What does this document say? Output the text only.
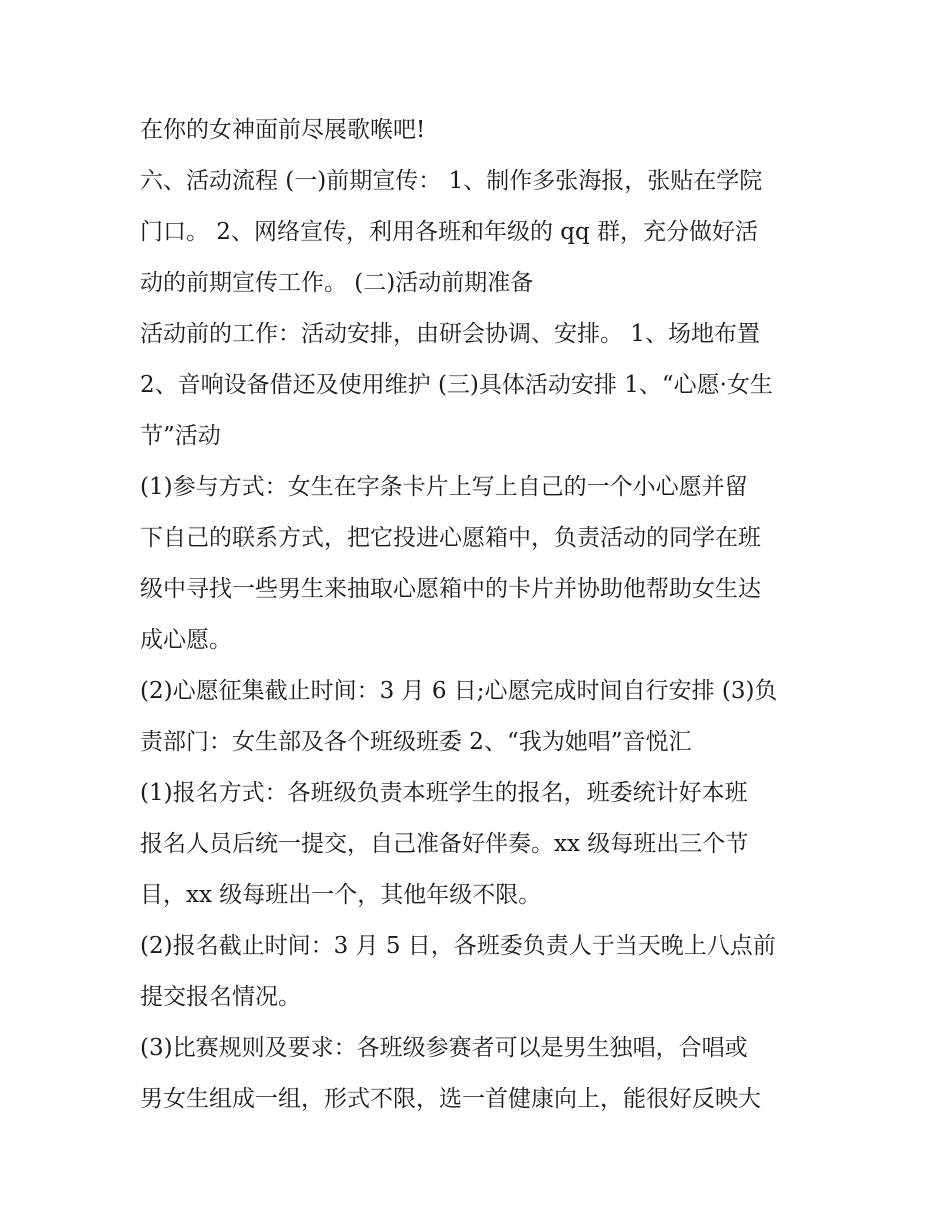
在你的女神面前尽展歌喉吧!
六、活动流程 (一)前期宣传： 1、制作多张海报，张贴在学院
门口。 2、网络宣传，利用各班和年级的 qq 群，充分做好活
动的前期宣传工作。 (二)活动前期准备
活动前的工作：活动安排，由研会协调、安排。 1、场地布置
2、音响设备借还及使用维护 (三)具体活动安排 1、“心愿·女生
节”活动
(1)参与方式：女生在字条卡片上写上自己的一个小心愿并留
下自己的联系方式，把它投进心愿箱中，负责活动的同学在班
级中寻找一些男生来抽取心愿箱中的卡片并协助他帮助女生达
成心愿。
(2)心愿征集截止时间：3 月 6 日;心愿完成时间自行安排 (3)负
责部门：女生部及各个班级班委 2、“我为她唱”音悦汇
(1)报名方式：各班级负责本班学生的报名，班委统计好本班
报名人员后统一提交，自己准备好伴奏。xx 级每班出三个节
目，xx 级每班出一个，其他年级不限。
(2)报名截止时间：3 月 5 日，各班委负责人于当天晚上八点前
提交报名情况。
(3)比赛规则及要求：各班级参赛者可以是男生独唱，合唱或
男女生组成一组，形式不限，选一首健康向上，能很好反映大
